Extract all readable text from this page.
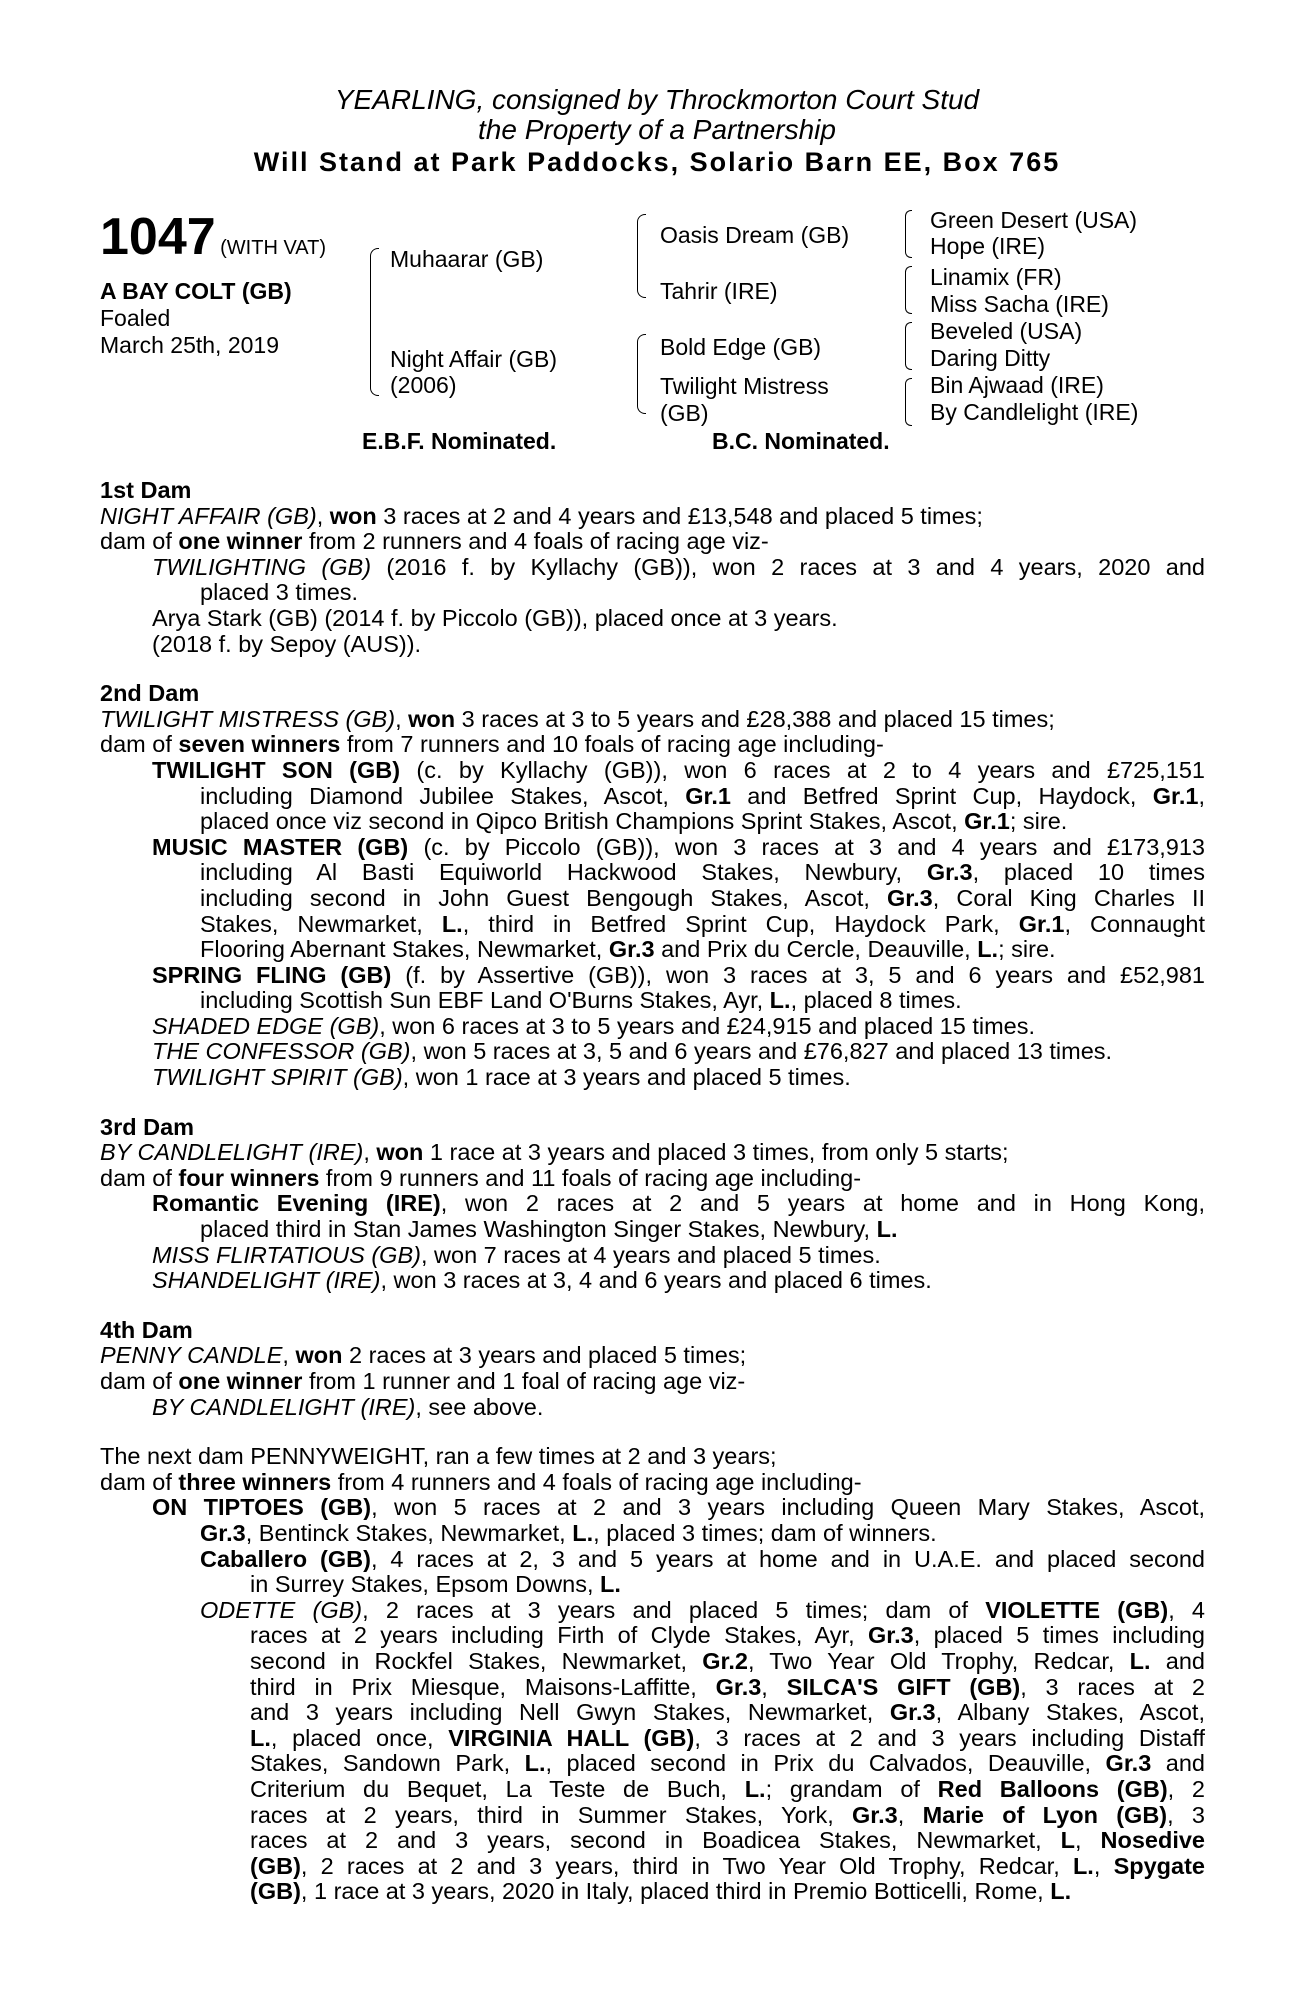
YEARLING, consigned by Throckmorton Court Stud
the Property of a Partnership
Will Stand at Park Paddocks, Solario Barn EE, Box 765
1047 (WITH VAT)
A BAY COLT (GB)
Foaled
March 25th, 2019
Muhaarar (GB)
Night Affair (GB)
(2006)
Oasis Dream (GB)
Tahrir (IRE)
Bold Edge (GB)
Twilight Mistress
(GB)
Green Desert (USA)
Hope (IRE)
Linamix (FR)
Miss Sacha (IRE)
Beveled (USA)
Daring Ditty
Bin Ajwaad (IRE)
By Candlelight (IRE)
E.B.F. Nominated.	B.C. Nominated.
1st Dam
NIGHT AFFAIR (GB), won 3 races at 2 and 4 years and £13,548 and placed 5 times;
dam of one winner from 2 runners and 4 foals of racing age viz-
TWILIGHTING (GB) (2016 f. by Kyllachy (GB)), won 2 races at 3 and 4 years, 2020 and
placed 3 times.
Arya Stark (GB) (2014 f. by Piccolo (GB)), placed once at 3 years.
(2018 f. by Sepoy (AUS)).
2nd Dam
TWILIGHT MISTRESS (GB), won 3 races at 3 to 5 years and £28,388 and placed 15 times;
dam of seven winners from 7 runners and 10 foals of racing age including-
TWILIGHT SON (GB) (c. by Kyllachy (GB)), won 6 races at 2 to 4 years and £725,151
including Diamond Jubilee Stakes, Ascot, Gr.1 and Betfred Sprint Cup, Haydock, Gr.1,
placed once viz second in Qipco British Champions Sprint Stakes, Ascot, Gr.1; sire.
MUSIC MASTER (GB) (c. by Piccolo (GB)), won 3 races at 3 and 4 years and £173,913
including Al Basti Equiworld Hackwood Stakes, Newbury, Gr.3, placed 10 times
including second in John Guest Bengough Stakes, Ascot, Gr.3, Coral King Charles II
Stakes, Newmarket, L., third in Betfred Sprint Cup, Haydock Park, Gr.1, Connaught
Flooring Abernant Stakes, Newmarket, Gr.3 and Prix du Cercle, Deauville, L.; sire.
SPRING FLING (GB) (f. by Assertive (GB)), won 3 races at 3, 5 and 6 years and £52,981
including Scottish Sun EBF Land O'Burns Stakes, Ayr, L., placed 8 times.
SHADED EDGE (GB), won 6 races at 3 to 5 years and £24,915 and placed 15 times.
THE CONFESSOR (GB), won 5 races at 3, 5 and 6 years and £76,827 and placed 13 times.
TWILIGHT SPIRIT (GB), won 1 race at 3 years and placed 5 times.
3rd Dam
BY CANDLELIGHT (IRE), won 1 race at 3 years and placed 3 times, from only 5 starts;
dam of four winners from 9 runners and 11 foals of racing age including-
Romantic Evening (IRE), won 2 races at 2 and 5 years at home and in Hong Kong,
placed third in Stan James Washington Singer Stakes, Newbury, L.
MISS FLIRTATIOUS (GB), won 7 races at 4 years and placed 5 times.
SHANDELIGHT (IRE), won 3 races at 3, 4 and 6 years and placed 6 times.
4th Dam
PENNY CANDLE, won 2 races at 3 years and placed 5 times;
dam of one winner from 1 runner and 1 foal of racing age viz-
BY CANDLELIGHT (IRE), see above.
The next dam PENNYWEIGHT, ran a few times at 2 and 3 years;
dam of three winners from 4 runners and 4 foals of racing age including-
ON TIPTOES (GB), won 5 races at 2 and 3 years including Queen Mary Stakes, Ascot,
Gr.3, Bentinck Stakes, Newmarket, L., placed 3 times; dam of winners.
Caballero (GB), 4 races at 2, 3 and 5 years at home and in U.A.E. and placed second
in Surrey Stakes, Epsom Downs, L.
ODETTE (GB), 2 races at 3 years and placed 5 times; dam of VIOLETTE (GB), 4
races at 2 years including Firth of Clyde Stakes, Ayr, Gr.3, placed 5 times including
second in Rockfel Stakes, Newmarket, Gr.2, Two Year Old Trophy, Redcar, L. and
third in Prix Miesque, Maisons-Laffitte, Gr.3, SILCA'S GIFT (GB), 3 races at 2
and 3 years including Nell Gwyn Stakes, Newmarket, Gr.3, Albany Stakes, Ascot,
L., placed once, VIRGINIA HALL (GB), 3 races at 2 and 3 years including Distaff
Stakes, Sandown Park, L., placed second in Prix du Calvados, Deauville, Gr.3 and
Criterium du Bequet, La Teste de Buch, L.; grandam of Red Balloons (GB), 2
races at 2 years, third in Summer Stakes, York, Gr.3, Marie of Lyon (GB), 3
races at 2 and 3 years, second in Boadicea Stakes, Newmarket, L, Nosedive
(GB), 2 races at 2 and 3 years, third in Two Year Old Trophy, Redcar, L., Spygate
(GB), 1 race at 3 years, 2020 in Italy, placed third in Premio Botticelli, Rome, L.
